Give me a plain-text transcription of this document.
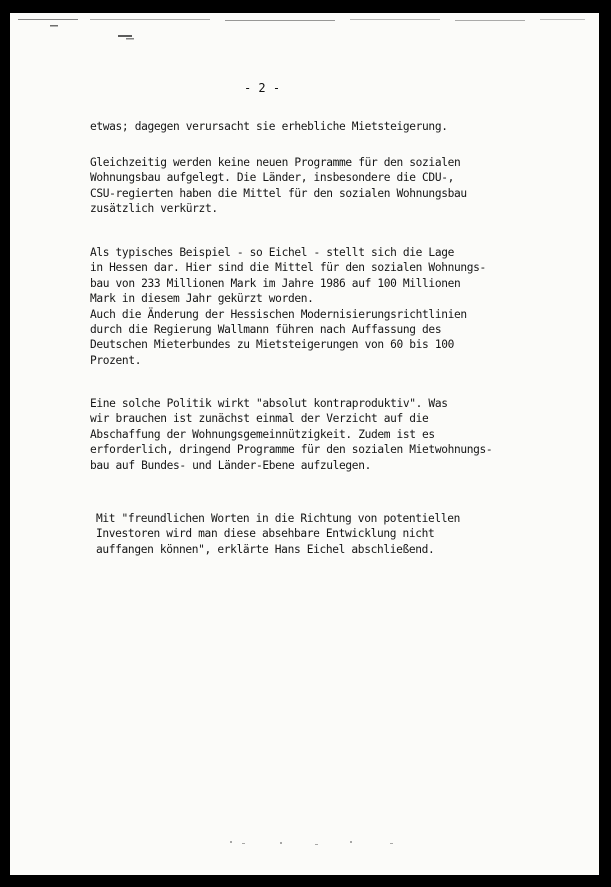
- 2 -

etwas; dagegen verursacht sie erhebliche Mietsteigerung.

Gleichzeitig werden keine neuen Programme für den sozialen
Wohnungsbau aufgelegt. Die Länder, insbesondere die CDU-,
CSU-regierten haben die Mittel für den sozialen Wohnungsbau
zusätzlich verkürzt.

Als typisches Beispiel - so Eichel - stellt sich die Lage
in Hessen dar. Hier sind die Mittel für den sozialen Wohnungs-
bau von 233 Millionen Mark im Jahre 1986 auf 100 Millionen
Mark in diesem Jahr gekürzt worden.
Auch die Änderung der Hessischen Modernisierungsrichtlinien
durch die Regierung Wallmann führen nach Auffassung des
Deutschen Mieterbundes zu Mietsteigerungen von 60 bis 100
Prozent.

Eine solche Politik wirkt "absolut kontraproduktiv". Was
wir brauchen ist zunächst einmal der Verzicht auf die
Abschaffung der Wohnungsgemeinnützigkeit. Zudem ist es
erforderlich, dringend Programme für den sozialen Mietwohnungs-
bau auf Bundes- und Länder-Ebene aufzulegen.

Mit "freundlichen Worten in die Richtung von potentiellen
Investoren wird man diese absehbare Entwicklung nicht
auffangen können", erklärte Hans Eichel abschließend.
